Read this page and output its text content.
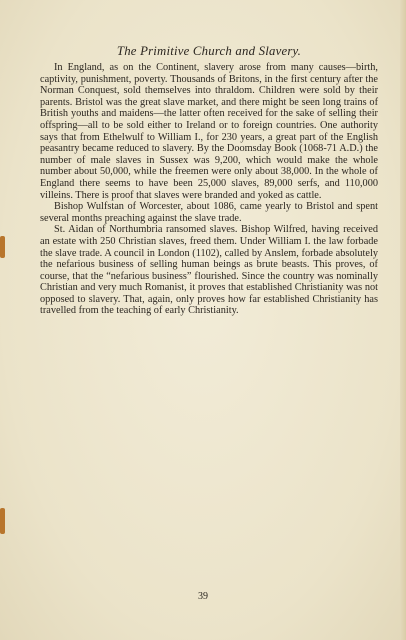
The Primitive Church and Slavery.

In England, as on the Continent, slavery arose from many causes—birth, captivity, punishment, poverty. Thousands of Britons, in the first century after the Norman Conquest, sold themselves into thraldom. Children were sold by their parents. Bristol was the great slave market, and there might be seen long trains of British youths and maidens—the latter often received for the sake of selling their offspring—all to be sold either to Ireland or to foreign countries. One authority says that from Ethelwulf to William I., for 230 years, a great part of the English peasantry became reduced to slavery. By the Doomsday Book (1068-71 A.D.) the number of male slaves in Sussex was 9,200, which would make the whole number about 50,000, while the freemen were only about 38,000. In the whole of England there seems to have been 25,000 slaves, 89,000 serfs, and 110,000 villeins. There is proof that slaves were branded and yoked as cattle.

Bishop Wulfstan of Worcester, about 1086, came yearly to Bristol and spent several months preaching against the slave trade.

St. Aidan of Northumbria ransomed slaves. Bishop Wilfred, having received an estate with 250 Christian slaves, freed them. Under William I. the law forbade the slave trade. A council in London (1102), called by Anslem, forbade absolutely the nefarious business of selling human beings as brute beasts. This proves, of course, that the “nefarious business” flourished. Since the country was nominally Christian and very much Romanist, it proves that established Christianity was not opposed to slavery. That, again, only proves how far established Christianity has travelled from the teaching of early Christianity.

39
